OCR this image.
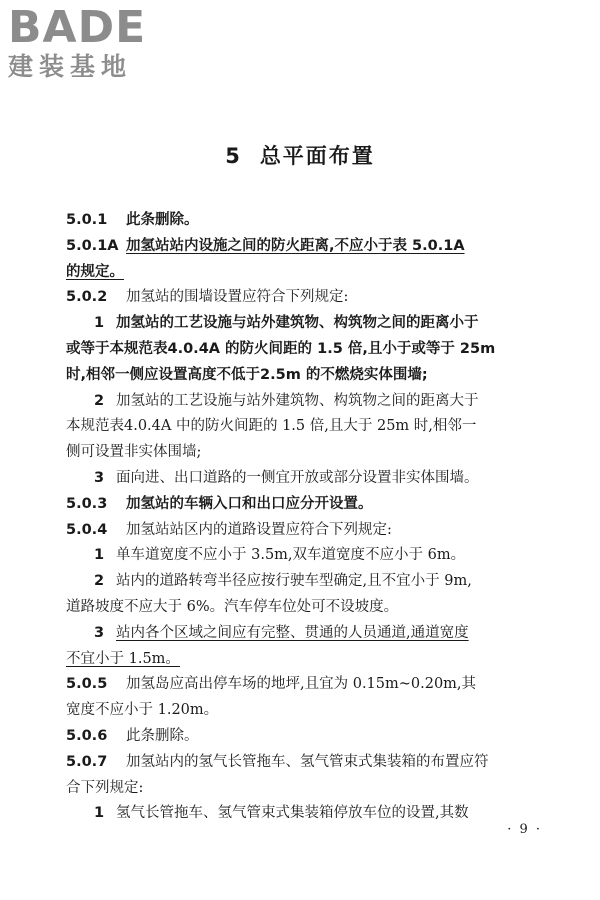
BADE
建装基地
5 总平面布置
5.0.1 此条删除。
5.0.1A 加氢站站内设施之间的防火距离,不应小于表 5.0.1A
的规定。
5.0.2 加氢站的围墙设置应符合下列规定:
1 加氢站的工艺设施与站外建筑物、构筑物之间的距离小于
或等于本规范表4.0.4A 的防火间距的 1.5 倍,且小于或等于 25m
时,相邻一侧应设置高度不低于2.5m 的不燃烧实体围墙;
2 加氢站的工艺设施与站外建筑物、构筑物之间的距离大于
本规范表4.0.4A 中的防火间距的 1.5 倍,且大于 25m 时,相邻一
侧可设置非实体围墙;
3 面向进、出口道路的一侧宜开放或部分设置非实体围墙。
5.0.3 加氢站的车辆入口和出口应分开设置。
5.0.4 加氢站站区内的道路设置应符合下列规定:
1 单车道宽度不应小于 3.5m,双车道宽度不应小于 6m。
2 站内的道路转弯半径应按行驶车型确定,且不宜小于 9m,
道路坡度不应大于 6%。汽车停车位处可不设坡度。
3 站内各个区域之间应有完整、贯通的人员通道,通道宽度
不宜小于 1.5m。
5.0.5 加氢岛应高出停车场的地坪,且宜为 0.15m~0.20m,其
宽度不应小于 1.20m。
5.0.6 此条删除。
5.0.7 加氢站内的氢气长管拖车、氢气管束式集装箱的布置应符
合下列规定:
1 氢气长管拖车、氢气管束式集装箱停放车位的设置,其数
· 9 ·
